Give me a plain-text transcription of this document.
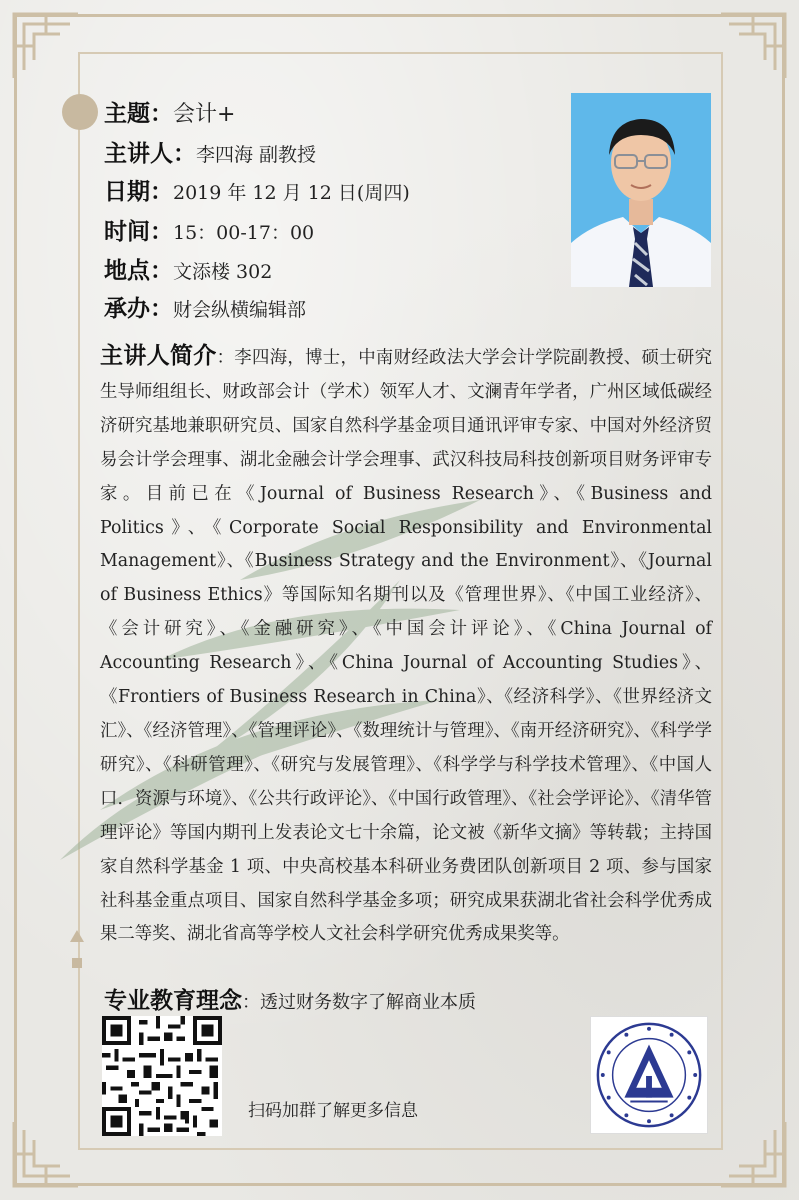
主题：会计+
主讲人：李四海 副教授
日期：2019 年 12 月 12 日(周四)
时间：15：00-17：00
地点：文添楼 302
承办：财会纵横编辑部
主讲人简介：李四海，博士，中南财经政法大学会计学院副教授、硕士研究生导师组组长、财政部会计（学术）领军人才、文澜青年学者，广州区域低碳经济研究基地兼职研究员、国家自然科学基金项目通讯评审专家、中国对外经济贸易会计学会理事、湖北金融会计学会理事、武汉科技局科技创新项目财务评审专家。目前已在《Journal of Business Research》、《Business and Politics》、《Corporate Social Responsibility and Environmental Management》、《Business Strategy and the Environment》、《Journal of Business Ethics》等国际知名期刊以及《管理世界》、《中国工业经济》、《会计研究》、《金融研究》、《中国会计评论》、《China Journal of Accounting Research》、《China Journal of Accounting Studies》、《Frontiers of Business Research in China》、《经济科学》、《世界经济文汇》、《经济管理》、《管理评论》、《数理统计与管理》、《南开经济研究》、《科学学研究》、《科研管理》、《研究与发展管理》、《科学学与科学技术管理》、《中国人口．资源与环境》、《公共行政评论》、《中国行政管理》、《社会学评论》、《清华管理评论》等国内期刊上发表论文七十余篇，论文被《新华文摘》等转载；主持国家自然科学基金 1 项、中央高校基本科研业务费团队创新项目 2 项、参与国家社科基金重点项目、国家自然科学基金多项；研究成果获湖北省社会科学优秀成果二等奖、湖北省高等学校人文社会科学研究优秀成果奖等。
专业教育理念：透过财务数字了解商业本质
扫码加群了解更多信息
